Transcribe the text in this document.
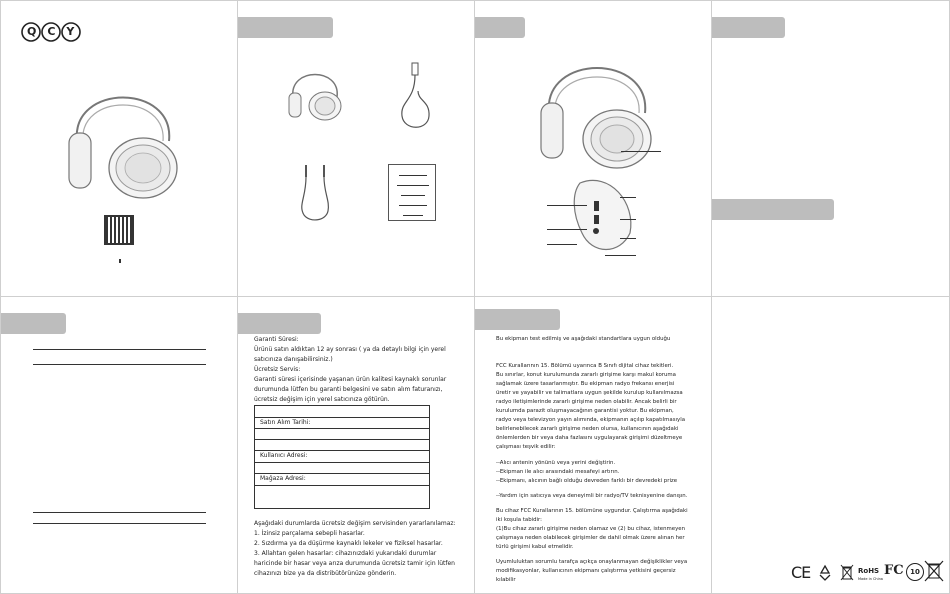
QCY
Garanti Süresi:
Ürünü satın aldıktan 12 ay sonrası ( ya da detaylı bilgi için yerel
satıcınıza danışabilirsiniz.)
Ücretsiz Servis:
Garanti süresi içerisinde yaşanan ürün kalitesi kaynaklı sorunlar
durumunda lütfen bu garanti belgesini ve satın alım faturanızı,
ücretsiz değişim için yerel satıcınıza götürün.
Satın Alım Tarihi:
Kullanıcı Adresi:
Mağaza Adresi:
Aşağıdaki durumlarda ücretsiz değişim servisinden yararlanılamaz:
1. İzinsiz parçalama sebepli hasarlar.
2. Sızdırma ya da düşürme kaynaklı lekeler ve fiziksel hasarlar.
3. Allahtan gelen hasarlar: cihazınızdaki yukarıdaki durumlar
haricinde bir hasar veya arıza durumunda ücretsiz tamir için lütfen
cihazınızı bize ya da distribütörünüze gönderin.
Bu ekipman test edilmiş ve aşağıdaki standartlara uygun olduğu
FCC Kurallarının 15. Bölümü uyarınca B Sınıfı dijital cihaz tekitleri.
Bu sınırlar, konut kurulumunda zararlı girişime karşı makul koruma
sağlamak üzere tasarlanmıştır. Bu ekipman radyo frekansı enerjisi
üretir ve yayabilir ve talimatlara uygun şekilde kurulup kullanılmazsa
radyo iletişimlerinde zararlı girişime neden olabilir. Ancak belirli bir
kurulumda parazit oluşmayacağının garantisi yoktur. Bu ekipman,
radyo veya televizyon yayın alımında, ekipmanın açılıp kapatılmasıyla
belirlenebilecek zararlı girişime neden olursa, kullanıcının aşağıdaki
önlemlerden bir veya daha fazlasını uygulayarak girişimi düzeltmeye
çalışması teşvik edilir:
--Alıcı antenin yönünü veya yerini değiştirin.
--Ekipman ile alıcı arasındaki mesafeyi artırın.
--Ekipmanı, alıcının bağlı olduğu devreden farklı bir devredeki prize
--Yardım için satıcıya veya deneyimli bir radyo/TV teknisyenine danışın.
Bu cihaz FCC Kurallarının 15. bölümüne uygundur. Çalıştırma aşağıdaki
iki koşula tabidir:
(1)Bu cihaz zararlı girişime neden olamaz ve (2) bu cihaz, istenmeyen
çalışmaya neden olabilecek girişimler de dahil olmak üzere alınan her
türlü girişimi kabul etmelidir.
Uyumluluktan sorumlu tarafça açıkça onaylanmayan değişiklikler veya
modifikasyonlar, kullanıcının ekipmanı çalıştırma yetkisini geçersiz
kılabilir	CE	RoHS
Made in China
FC 10
